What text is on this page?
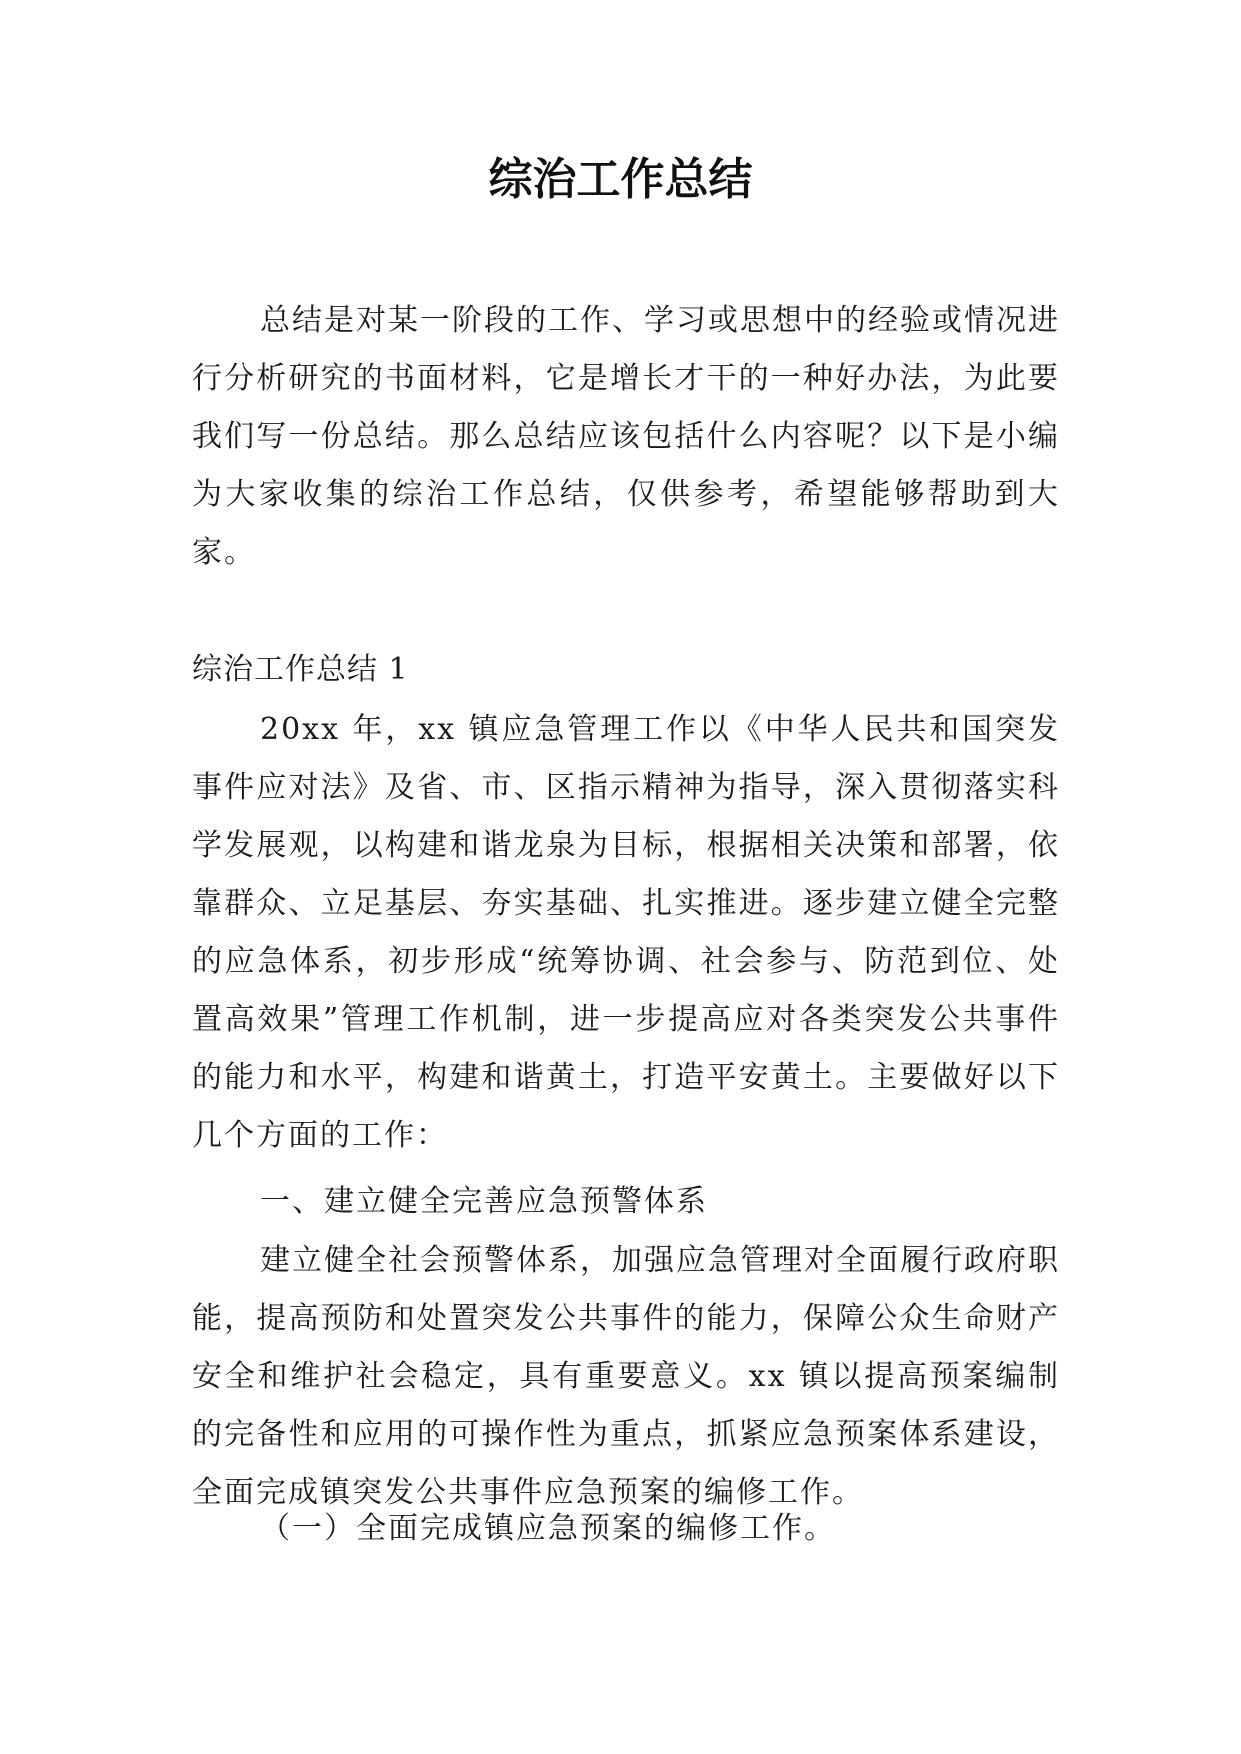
综治工作总结

总结是对某一阶段的工作、学习或思想中的经验或情况进行分析研究的书面材料，它是增长才干的一种好办法，为此要我们写一份总结。那么总结应该包括什么内容呢？以下是小编为大家收集的综治工作总结，仅供参考，希望能够帮助到大家。

综治工作总结 1

20xx 年，xx 镇应急管理工作以《中华人民共和国突发事件应对法》及省、市、区指示精神为指导，深入贯彻落实科学发展观，以构建和谐龙泉为目标，根据相关决策和部署，依靠群众、立足基层、夯实基础、扎实推进。逐步建立健全完整的应急体系，初步形成“统筹协调、社会参与、防范到位、处置高效果”管理工作机制，进一步提高应对各类突发公共事件的能力和水平，构建和谐黄土，打造平安黄土。主要做好以下几个方面的工作：

一、建立健全完善应急预警体系

建立健全社会预警体系，加强应急管理对全面履行政府职能，提高预防和处置突发公共事件的能力，保障公众生命财产安全和维护社会稳定，具有重要意义。xx 镇以提高预案编制的完备性和应用的可操作性为重点，抓紧应急预案体系建设，全面完成镇突发公共事件应急预案的编修工作。

（一）全面完成镇应急预案的编修工作。
